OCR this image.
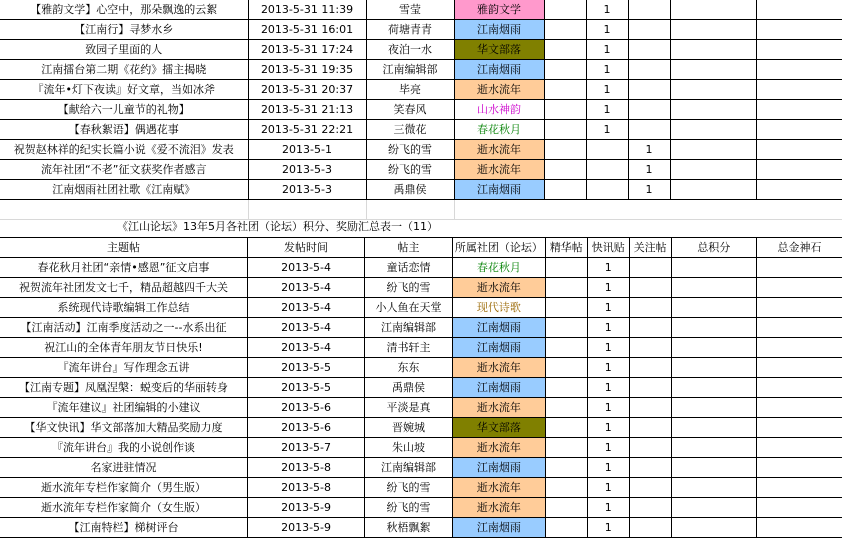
【雅韵文学】心空中，那朵飘逸的云絮	2013-5-31 11:39	雪莹	雅韵文学		1			
【江南行】寻梦水乡	2013-5-31 16:01	荷塘青青	江南烟雨		1			
致园子里面的人	2013-5-31 17:24	夜泊一水	华文部落		1			
江南擂台第二期《花约》擂主揭晓	2013-5-31 19:35	江南编辑部	江南烟雨		1			
『流年•灯下夜读』好文章，当如冰斧	2013-5-31 20:37	毕亮	逝水流年		1			
【献给六一儿童节的礼物】	2013-5-31 21:13	笑春风	山水神韵		1			
【春秋絮语】偶遇花事	2013-5-31 22:21	三微花	春花秋月		1			
祝贺赵林祥的纪实长篇小说《爱不流泪》发表	2013-5-1	纷飞的雪	逝水流年			1		
流年社团“不老”征文获奖作者感言	2013-5-3	纷飞的雪	逝水流年			1		
江南烟雨社团社歌《江南赋》	2013-5-3	禹鼎侯	江南烟雨			1		

《江山论坛》13年5月各社团（论坛）积分、奖励汇总表一（11）
主题帖	发帖时间	帖主	所属社团（论坛）	精华帖	快讯贴	关注帖	总积分	总金神石
春花秋月社团“亲情•感恩”征文启事	2013-5-4	童话恋情	春花秋月		1			
祝贺流年社团发文七千，精品超越四千大关	2013-5-4	纷飞的雪	逝水流年		1			
系统现代诗歌编辑工作总结	2013-5-4	小人鱼在天堂	现代诗歌		1			
【江南活动】江南季度活动之一--水系出征	2013-5-4	江南编辑部	江南烟雨		1			
祝江山的全体青年朋友节日快乐!	2013-5-4	清书轩主	江南烟雨		1			
『流年讲台』写作理念五讲	2013-5-5	东东	逝水流年		1			
【江南专题】凤凰涅槃：蜕变后的华丽转身	2013-5-5	禹鼎侯	江南烟雨		1			
『流年建议』社团编辑的小建议	2013-5-6	平淡是真	逝水流年		1			
【华文快讯】华文部落加大精品奖励力度	2013-5-6	晋婉城	华文部落		1			
『流年讲台』我的小说创作谈	2013-5-7	朱山坡	逝水流年		1			
名家进驻情况	2013-5-8	江南编辑部	江南烟雨		1			
逝水流年专栏作家简介（男生版）	2013-5-8	纷飞的雪	逝水流年		1			
逝水流年专栏作家简介（女生版）	2013-5-9	纷飞的雪	逝水流年		1			
【江南特栏】梯树评台	2013-5-9	秋梧飘絮	江南烟雨		1			
